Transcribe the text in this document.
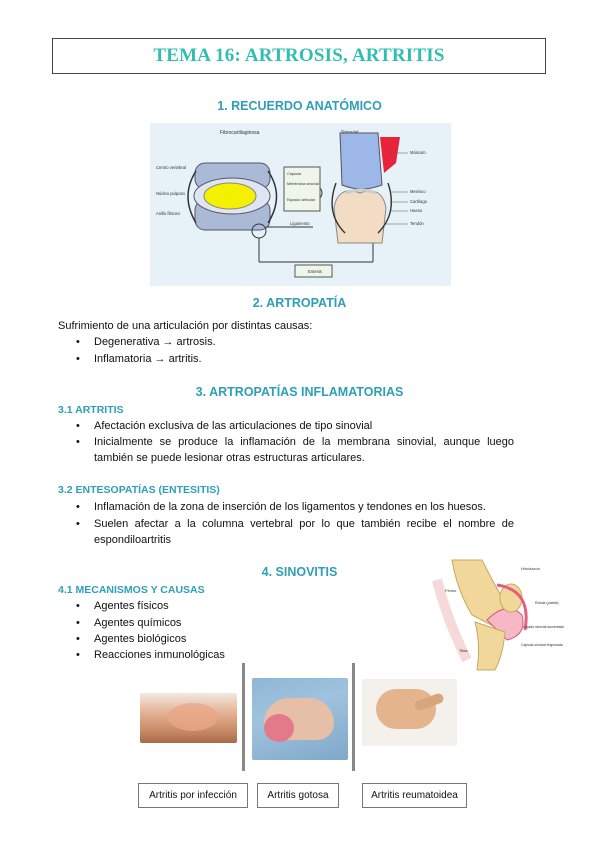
TEMA 16: ARTROSIS, ARTRITIS
1. RECUERDO ANATÓMICO
Fibrocartilaginosa
Centro vertebral
Núcleo pulposo
Anillo fibroso
Ligamento
Cápsula
Membrana sinovial
Espacio articular
Músculo
Menisco
Cartílago
Hueso
Tendón
Entesis
2. ARTROPATÍA
Sufrimiento de una articulación por distintas causas:
• Degenerativa → artrosis.
• Inflamatoria → artritis.
3. ARTROPATÍAS INFLAMATORIAS
3.1 ARTRITIS
• Afectación exclusiva de las articulaciones de tipo sinovial
• Inicialmente se produce la inflamación de la membrana sinovial, aunque luego también se puede lesionar otras estructuras articulares.
3.2 ENTESOPATÍAS (ENTESITIS)
• Inflamación de la zona de inserción de los ligamentos y tendones en los huesos.
• Suelen afectar a la columna vertebral por lo que también recibe el nombre de espondiloartritis
4. SINOVITIS
4.1 MECANISMOS Y CAUSAS
• Agentes físicos
• Agentes químicos
• Agentes biológicos
• Reacciones inmunológicas
Hinchazón
Fémur
Rótula (patela)
Líquido sinovial aumentado
Tibia
Cápsula sinovial engrosada
Artritis por infección	Artritis gotosa	Artritis reumatoidea
